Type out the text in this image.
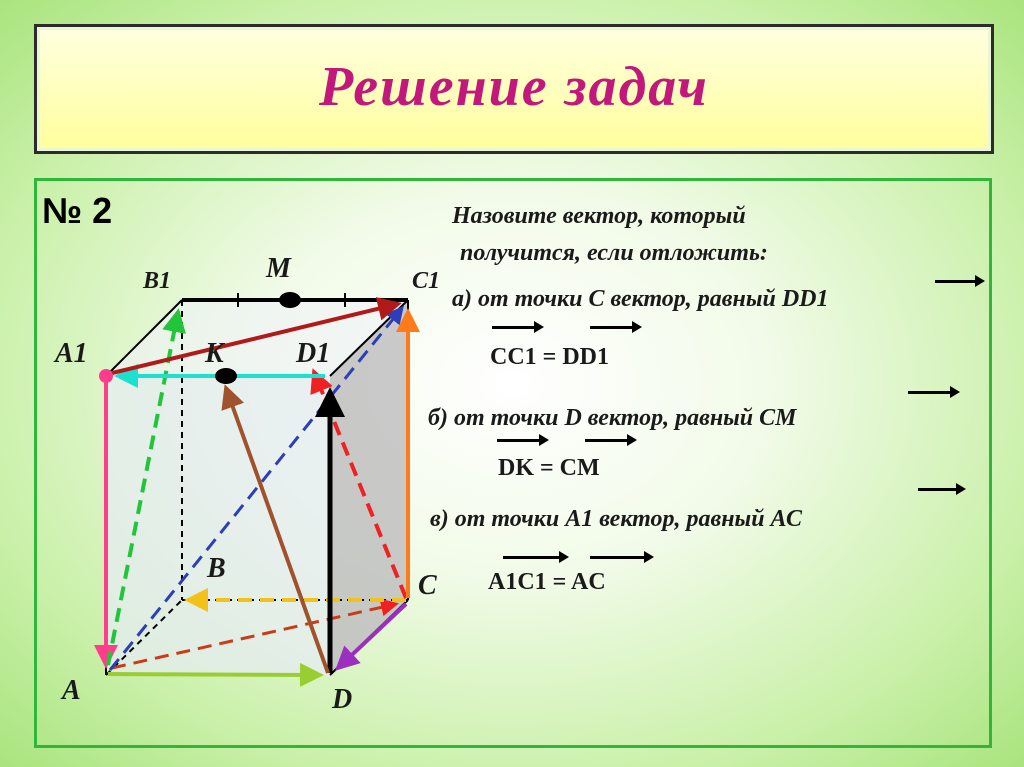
Решение задач
№ 2	Назовите вектор, который
получится, если отложить:
а) от точки С вектор, равный DD1
CC1 = DD1
б) от точки D вектор, равный CM
DK = CM
в) от точки А1 вектор, равный АС
A1C1 = AC
B1	M	C1
A1	K	D1
B
C
A	D
